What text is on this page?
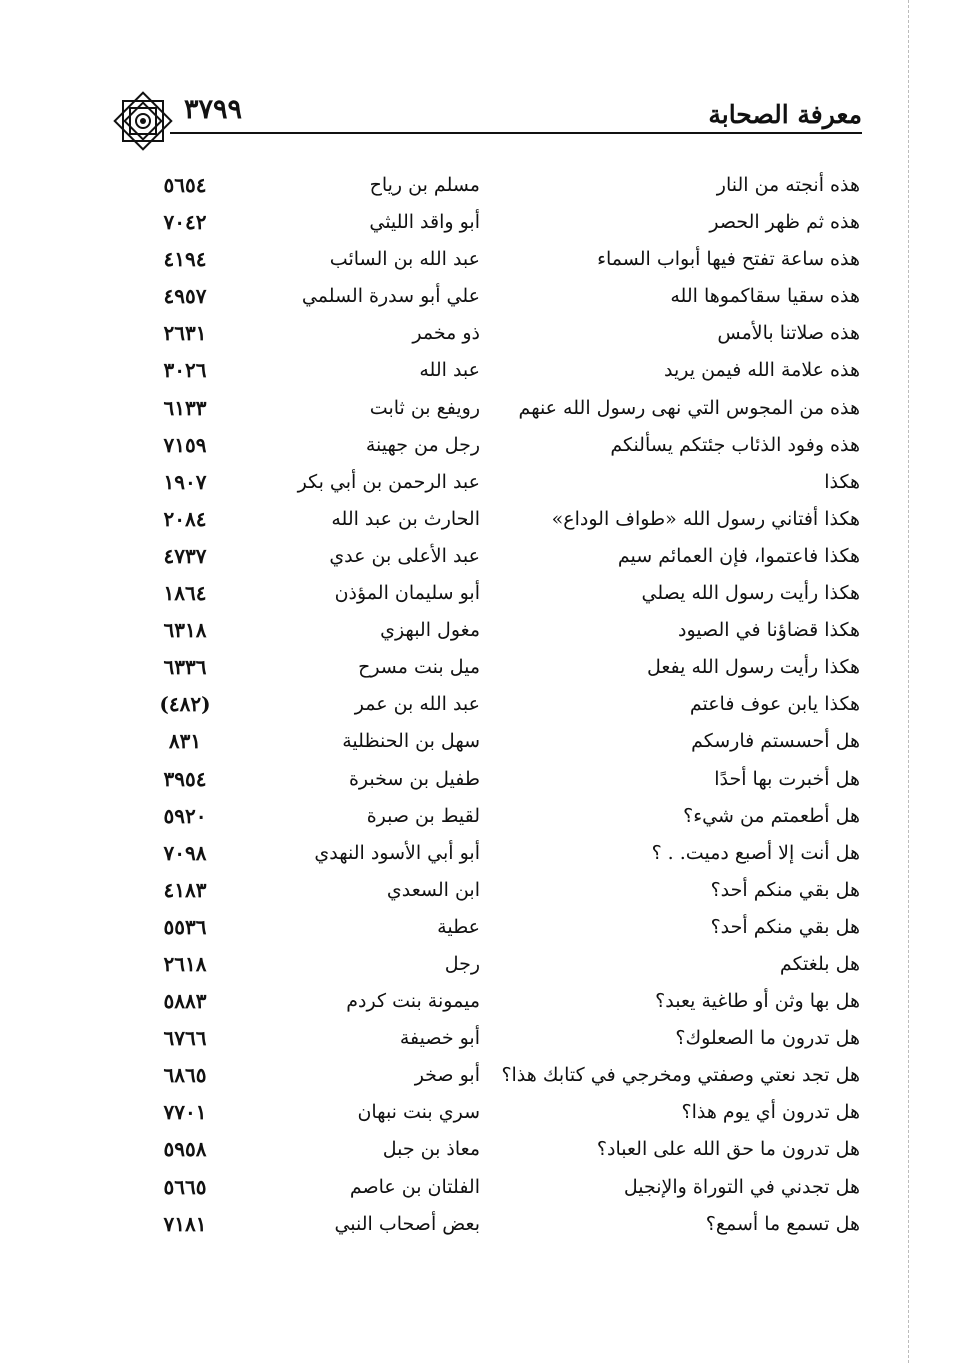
٣٧٩٩	معرفة الصحابة
هذه أنجته من النار
مسلم بن رياح
٥٦٥٤
هذه ثم ظهر الحصر
أبو واقد الليثي
٧٠٤٢
هذه ساعة تفتح فيها أبواب السماء
عبد الله بن السائب
٤١٩٤
هذه سقيا سقاكموها الله
علي أبو سدرة السلمي
٤٩٥٧
هذه صلاتنا بالأمس
ذو مخمر
٢٦٣١
هذه علامة الله فيمن يريد
عبد الله
٣٠٢٦
هذه من المجوس التي نهى رسول الله عنهم
رويفع بن ثابت
٦١٣٣
هذه وفود الذئاب جئتكم يسألنكم
رجل من جهينة
٧١٥٩
هكذا
عبد الرحمن بن أبي بكر
١٩٠٧
هكذا أفتاني رسول الله «طواف الوداع»
الحارث بن عبد الله
٢٠٨٤
هكذا فاعتموا، فإن العمائم سيم
عبد الأعلى بن عدي
٤٧٣٧
هكذا رأيت رسول الله يصلي
أبو سليمان المؤذن
١٨٦٤
هكذا قضاؤنا في الصيود
مغول البهزي
٦٣١٨
هكذا رأيت رسول الله يفعل
ميل بنت مسرح
٦٣٣٦
هكذا يابن عوف فاعتم
عبد الله بن عمر
(٤٨٢)
هل أحسستم فارسكم
سهل بن الحنظلية
٨٣١
هل أخبرت بها أحدًا
طفيل بن سخبرة
٣٩٥٤
هل أطعمتم من شيء؟
لقيط بن صبرة
٥٩٢٠
هل أنت إلا أصبع دميت. . ؟
أبو أبي الأسود النهدي
٧٠٩٨
هل بقي منكم أحد؟
ابن السعدي
٤١٨٣
هل بقي منكم أحد؟
عطية
٥٥٣٦
هل بلغتكم
رجل
٢٦١٨
هل بها وثن أو طاغية يعبد؟
ميمونة بنت كردم
٥٨٨٣
هل تدرون ما الصعلوك؟
أبو خصيفة
٦٧٦٦
هل تجد نعتي وصفتي ومخرجي في كتابك هذا؟
أبو صخر
٦٨٦٥
هل تدرون أي يوم هذا؟
سري بنت نبهان
٧٧٠١
هل تدرون ما حق الله على العباد؟
معاذ بن جبل
٥٩٥٨
هل تجدني في التوراة والإنجيل
الفلتان بن عاصم
٥٦٦٥
هل تسمع ما أسمع؟
بعض أصحاب النبي
٧١٨١
